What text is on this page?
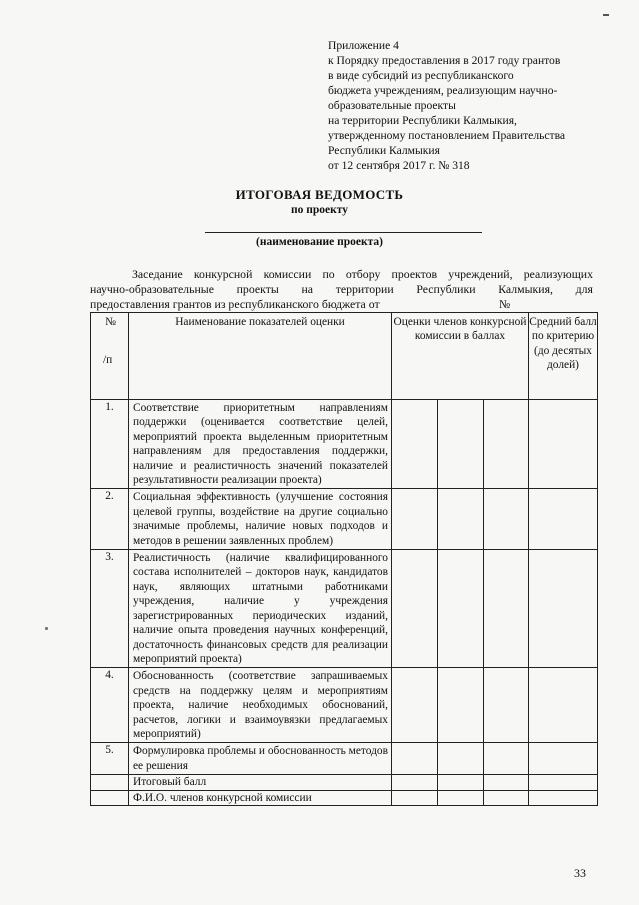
Приложение 4
к Порядку предоставления в 2017 году грантов
в виде субсидий из республиканского
бюджета учреждениям, реализующим научно-
образовательные проекты
на территории Республики Калмыкия,
утвержденному постановлением Правительства
Республики Калмыкия
от 12 сентября 2017 г. № 318
ИТОГОВАЯ ВЕДОМОСТЬ
по проекту
(наименование проекта)
Заседание конкурсной комиссии по отбору проектов учреждений, реализующих
научно-образовательные проекты на территории Республики Калмыкия, для
предоставления грантов из республиканского бюджета от	№
№
/п	Наименование показателей оценки	Оценки членов конкурсной комиссии в баллах			Средний балл по критерию (до десятых долей)
1.	Соответствие приоритетным направлениям поддержки (оценивается соответствие целей, мероприятий проекта выделенным приоритетным направлениям для предоставления поддержки, наличие и реалистичность значений показателей результативности реализации проекта)				
2.	Социальная эффективность (улучшение состояния целевой группы, воздействие на другие социально значимые проблемы, наличие новых подходов и методов в решении заявленных проблем)				
3.	Реалистичность (наличие квалифицированного состава исполнителей – докторов наук, кандидатов наук, являющих штатными работниками учреждения, наличие у учреждения зарегистрированных периодических изданий, наличие опыта проведения научных конференций, достаточность финансовых средств для реализации мероприятий проекта)				
4.	Обоснованность (соответствие запрашиваемых средств на поддержку целям и мероприятиям проекта, наличие необходимых обоснований, расчетов, логики и взаимоувязки предлагаемых мероприятий)				
5.	Формулировка проблемы и обоснованность методов ее решения				
	Итоговый балл				
	Ф.И.О. членов конкурсной комиссии				
33
